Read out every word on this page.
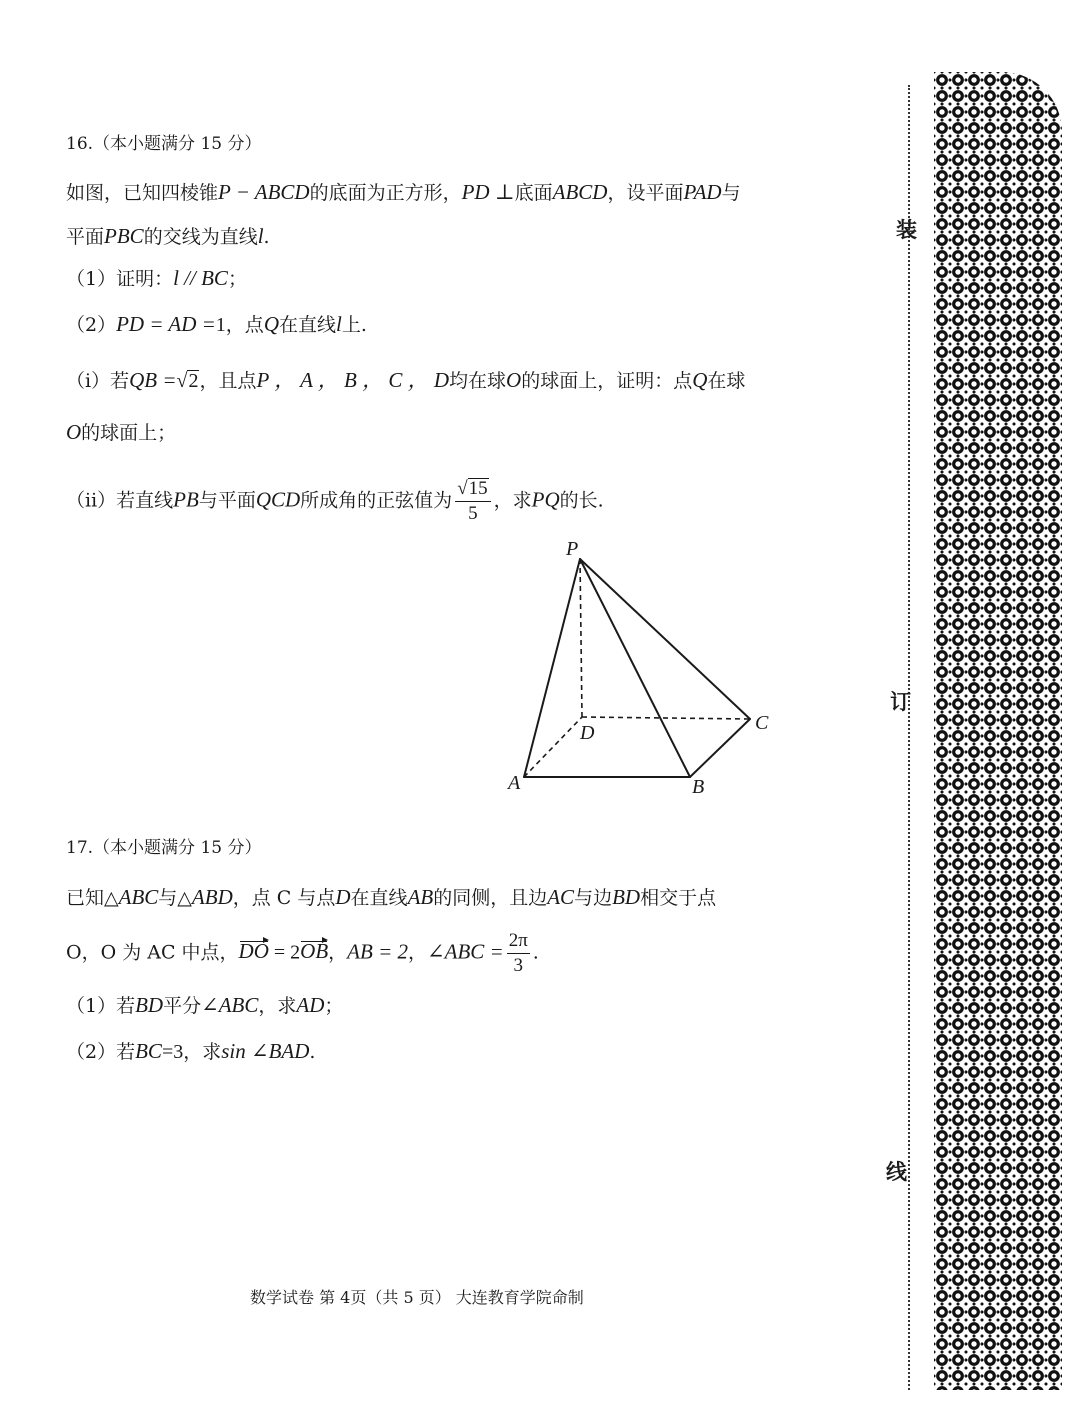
16.（本小题满分 15 分）
如图，已知四棱锥P − ABCD的底面为正方形，PD ⊥底面ABCD，设平面PAD与
平面PBC的交线为直线l.
（1）证明：l // BC；
（2）PD = AD =1，点Q在直线l上.
（ⅰ）若QB =√2，且点P ， A ， B ， C ， D均在球O的球面上，证明：点Q在球
O的球面上；
（ⅱ）若直线PB与平面QCD所成角的正弦值为 $\frac{√15}{5}$ ，求PQ的长.
P
D	C
A	B
17.（本小题满分 15 分）
已知△ABC与△ABD，点 C 与点D在直线AB的同侧，且边AC与边BD相交于点
O，O 为 AC 中点，DO = 2OB，AB = 2，∠ABC = $\frac{2\pi}{3}$ .
（1）若BD平分∠ABC，求AD；
（2）若BC=3，求sin ∠BAD.
数学试卷 第 4页（共 5 页） 大连教育学院命制
装
订
线
